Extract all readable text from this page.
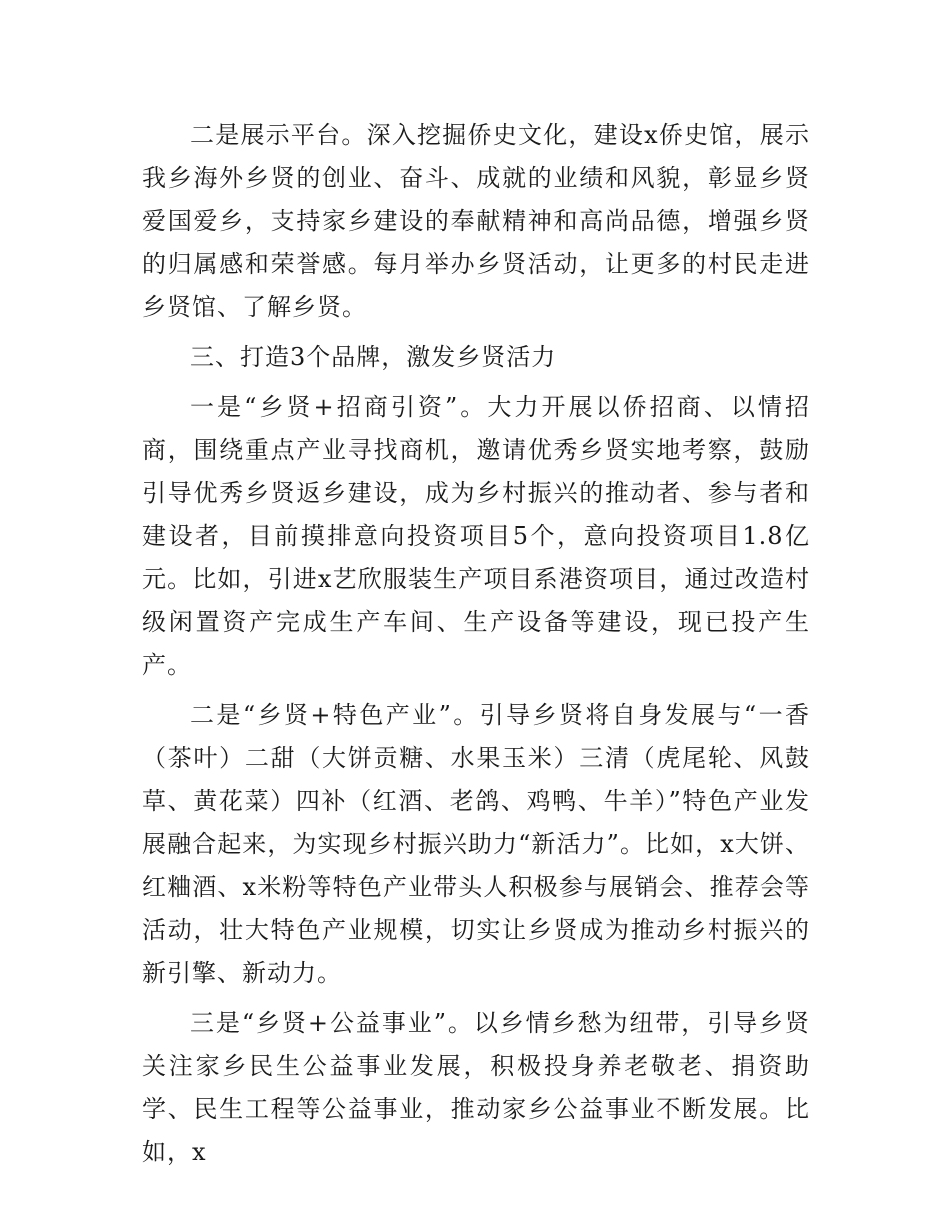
二是展示平台。深入挖掘侨史文化，建设x侨史馆，展示我乡海外乡贤的创业、奋斗、成就的业绩和风貌，彰显乡贤爱国爱乡，支持家乡建设的奉献精神和高尚品德，增强乡贤的归属感和荣誉感。每月举办乡贤活动，让更多的村民走进乡贤馆、了解乡贤。

三、打造3个品牌，激发乡贤活力

一是“乡贤+招商引资”。大力开展以侨招商、以情招商，围绕重点产业寻找商机，邀请优秀乡贤实地考察，鼓励引导优秀乡贤返乡建设，成为乡村振兴的推动者、参与者和建设者，目前摸排意向投资项目5个，意向投资项目1.8亿元。比如，引进x艺欣服装生产项目系港资项目，通过改造村级闲置资产完成生产车间、生产设备等建设，现已投产生产。

二是“乡贤+特色产业”。引导乡贤将自身发展与“一香（茶叶）二甜（大饼贡糖、水果玉米）三清（虎尾轮、风鼓草、黄花菜）四补（红酒、老鸽、鸡鸭、牛羊）”特色产业发展融合起来，为实现乡村振兴助力“新活力”。比如，x大饼、红粬酒、x米粉等特色产业带头人积极参与展销会、推荐会等活动，壮大特色产业规模，切实让乡贤成为推动乡村振兴的新引擎、新动力。

三是“乡贤+公益事业”。以乡情乡愁为纽带，引导乡贤关注家乡民生公益事业发展，积极投身养老敬老、捐资助学、民生工程等公益事业，推动家乡公益事业不断发展。比如，x
